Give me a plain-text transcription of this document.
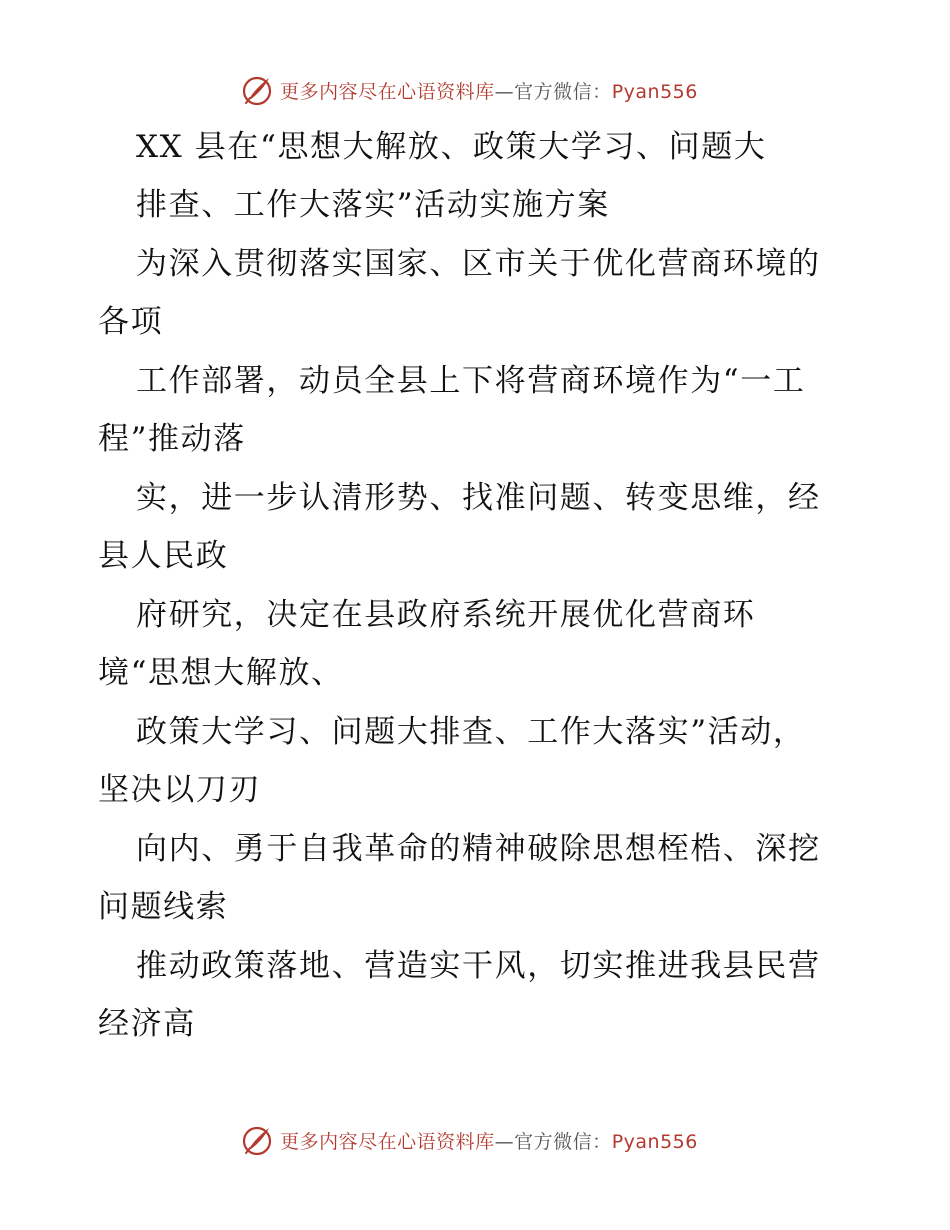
更多内容尽在心语资料库—官方微信：Pyan556
XX 县在“思想大解放、政策大学习、问题大
排查、工作大落实”活动实施方案
为深入贯彻落实国家、区市关于优化营商环境的
各项
工作部署，动员全县上下将营商环境作为“一工
程”推动落
实，进一步认清形势、找准问题、转变思维，经
县人民政
府研究，决定在县政府系统开展优化营商环
境“思想大解放、
政策大学习、问题大排查、工作大落实”活动，
坚决以刀刃
向内、勇于自我革命的精神破除思想桎梏、深挖
问题线索
推动政策落地、营造实干风，切实推进我县民营
经济高
更多内容尽在心语资料库—官方微信：Pyan556
